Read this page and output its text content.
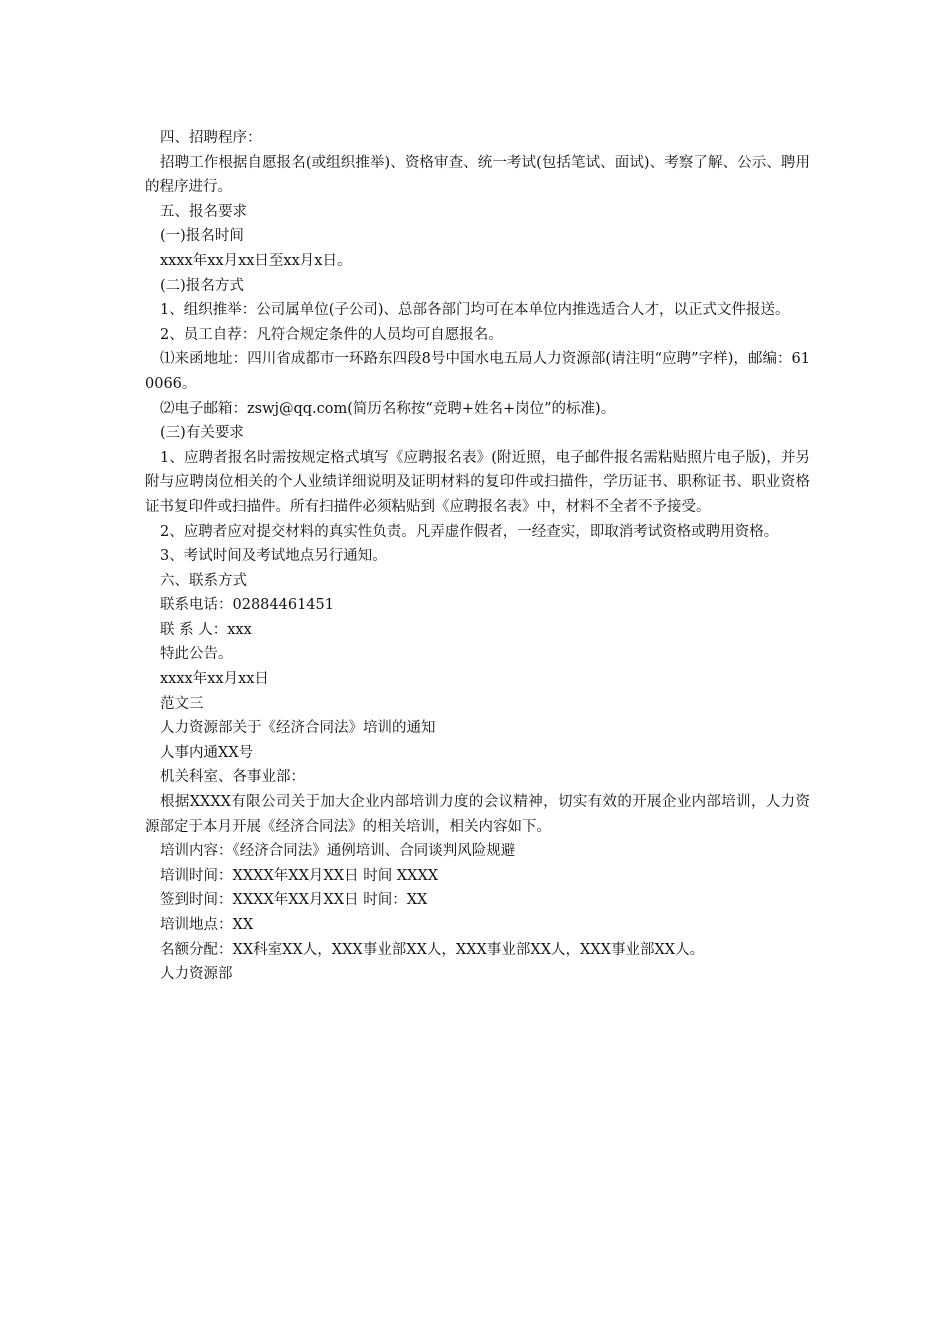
四、招聘程序：

招聘工作根据自愿报名(或组织推举)、资格审查、统一考试(包括笔试、面试)、考察了解、公示、聘用的程序进行。

五、报名要求

(一)报名时间

xxxx年xx月xx日至xx月x日。

(二)报名方式

1、组织推举：公司属单位(子公司)、总部各部门均可在本单位内推选适合人才，以正式文件报送。

2、员工自荐：凡符合规定条件的人员均可自愿报名。

⑴来函地址：四川省成都市一环路东四段8号中国水电五局人力资源部(请注明“应聘”字样)，邮编：610066。

⑵电子邮箱：zswj@qq.com(简历名称按“竞聘+姓名+岗位”的标准)。

(三)有关要求

1、应聘者报名时需按规定格式填写《应聘报名表》(附近照，电子邮件报名需粘贴照片电子版)，并另附与应聘岗位相关的个人业绩详细说明及证明材料的复印件或扫描件，学历证书、职称证书、职业资格证书复印件或扫描件。所有扫描件必须粘贴到《应聘报名表》中，材料不全者不予接受。

2、应聘者应对提交材料的真实性负责。凡弄虚作假者，一经查实，即取消考试资格或聘用资格。

3、考试时间及考试地点另行通知。

六、联系方式

联系电话：02884461451

联 系 人：xxx

特此公告。

xxxx年xx月xx日

范文三

人力资源部关于《经济合同法》培训的通知

人事内通XX号

机关科室、各事业部：

根据XXXX有限公司关于加大企业内部培训力度的会议精神，切实有效的开展企业内部培训，人力资源部定于本月开展《经济合同法》的相关培训，相关内容如下。

培训内容：《经济合同法》通例培训、合同谈判风险规避

培训时间：XXXX年XX月XX日 时间 XXXX

签到时间：XXXX年XX月XX日 时间：XX

培训地点：XX

名额分配：XX科室XX人，XXX事业部XX人，XXX事业部XX人，XXX事业部XX人。

人力资源部
